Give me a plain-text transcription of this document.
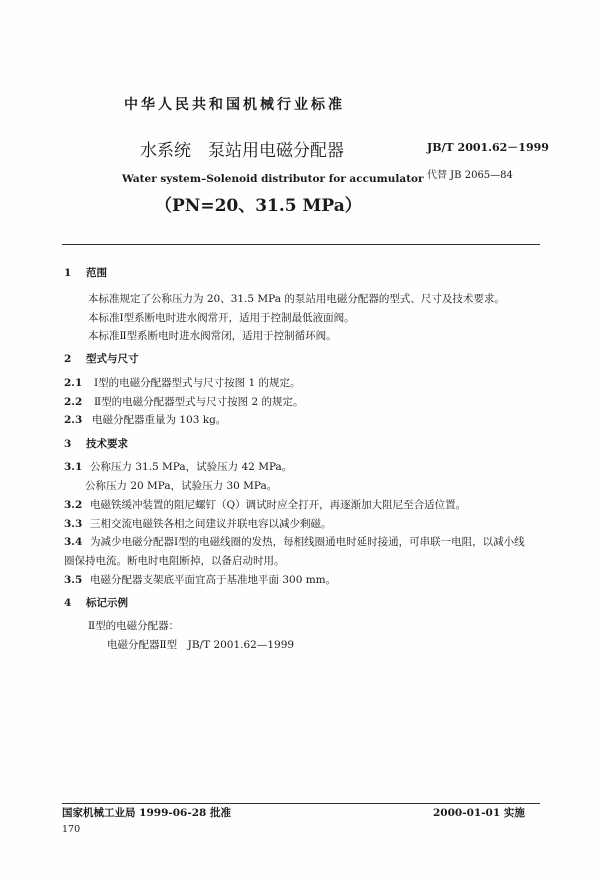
中华人民共和国机械行业标准
JB/T 2001.62－1999
水系统　泵站用电磁分配器
Water system–Solenoid distributor for accumulator 代替 JB 2065—84
（PN=20、31.5 MPa）
1 范围
本标准规定了公称压力为 20、31.5 MPa 的泵站用电磁分配器的型式、尺寸及技术要求。
本标准Ⅰ型系断电时进水阀常开，适用于控制最低液面阀。
本标准Ⅱ型系断电时进水阀常闭，适用于控制循环阀。
2 型式与尺寸
2.1 Ⅰ型的电磁分配器型式与尺寸按图 1 的规定。
2.2 Ⅱ型的电磁分配器型式与尺寸按图 2 的规定。
2.3 电磁分配器重量为 103 kg。
3 技术要求
3.1 公称压力 31.5 MPa，试验压力 42 MPa。
公称压力 20 MPa，试验压力 30 MPa。
3.2 电磁铁缓冲装置的阻尼螺钉（Q）调试时应全打开，再逐渐加大阻尼至合适位置。
3.3 三相交流电磁铁各相之间建议并联电容以减少剩磁。
3.4 为减少电磁分配器Ⅰ型的电磁线圈的发热，每相线圈通电时延时接通，可串联一电阻，以减小线
圈保持电流。断电时电阻断掉，以备启动时用。
3.5 电磁分配器支架底平面宜高于基准地平面 300 mm。
4 标记示例
Ⅱ型的电磁分配器：
电磁分配器Ⅱ型　JB/T 2001.62—1999
国家机械工业局 1999-06-28 批准	2000-01-01 实施
170
